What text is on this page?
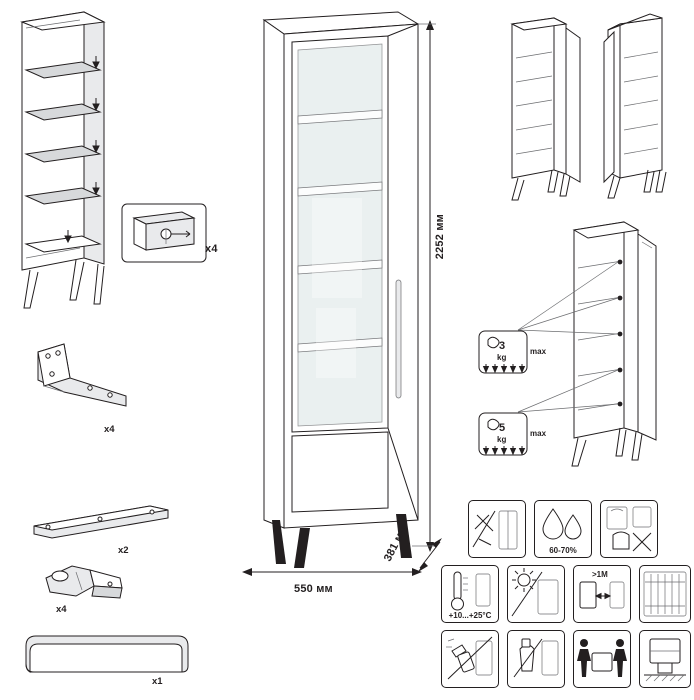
х4
х4
х2
х4
х1
2252 мм
550 мм
381 мм
3
kg
max
5
kg
max
60-70%
+10...+25°C
>1М
